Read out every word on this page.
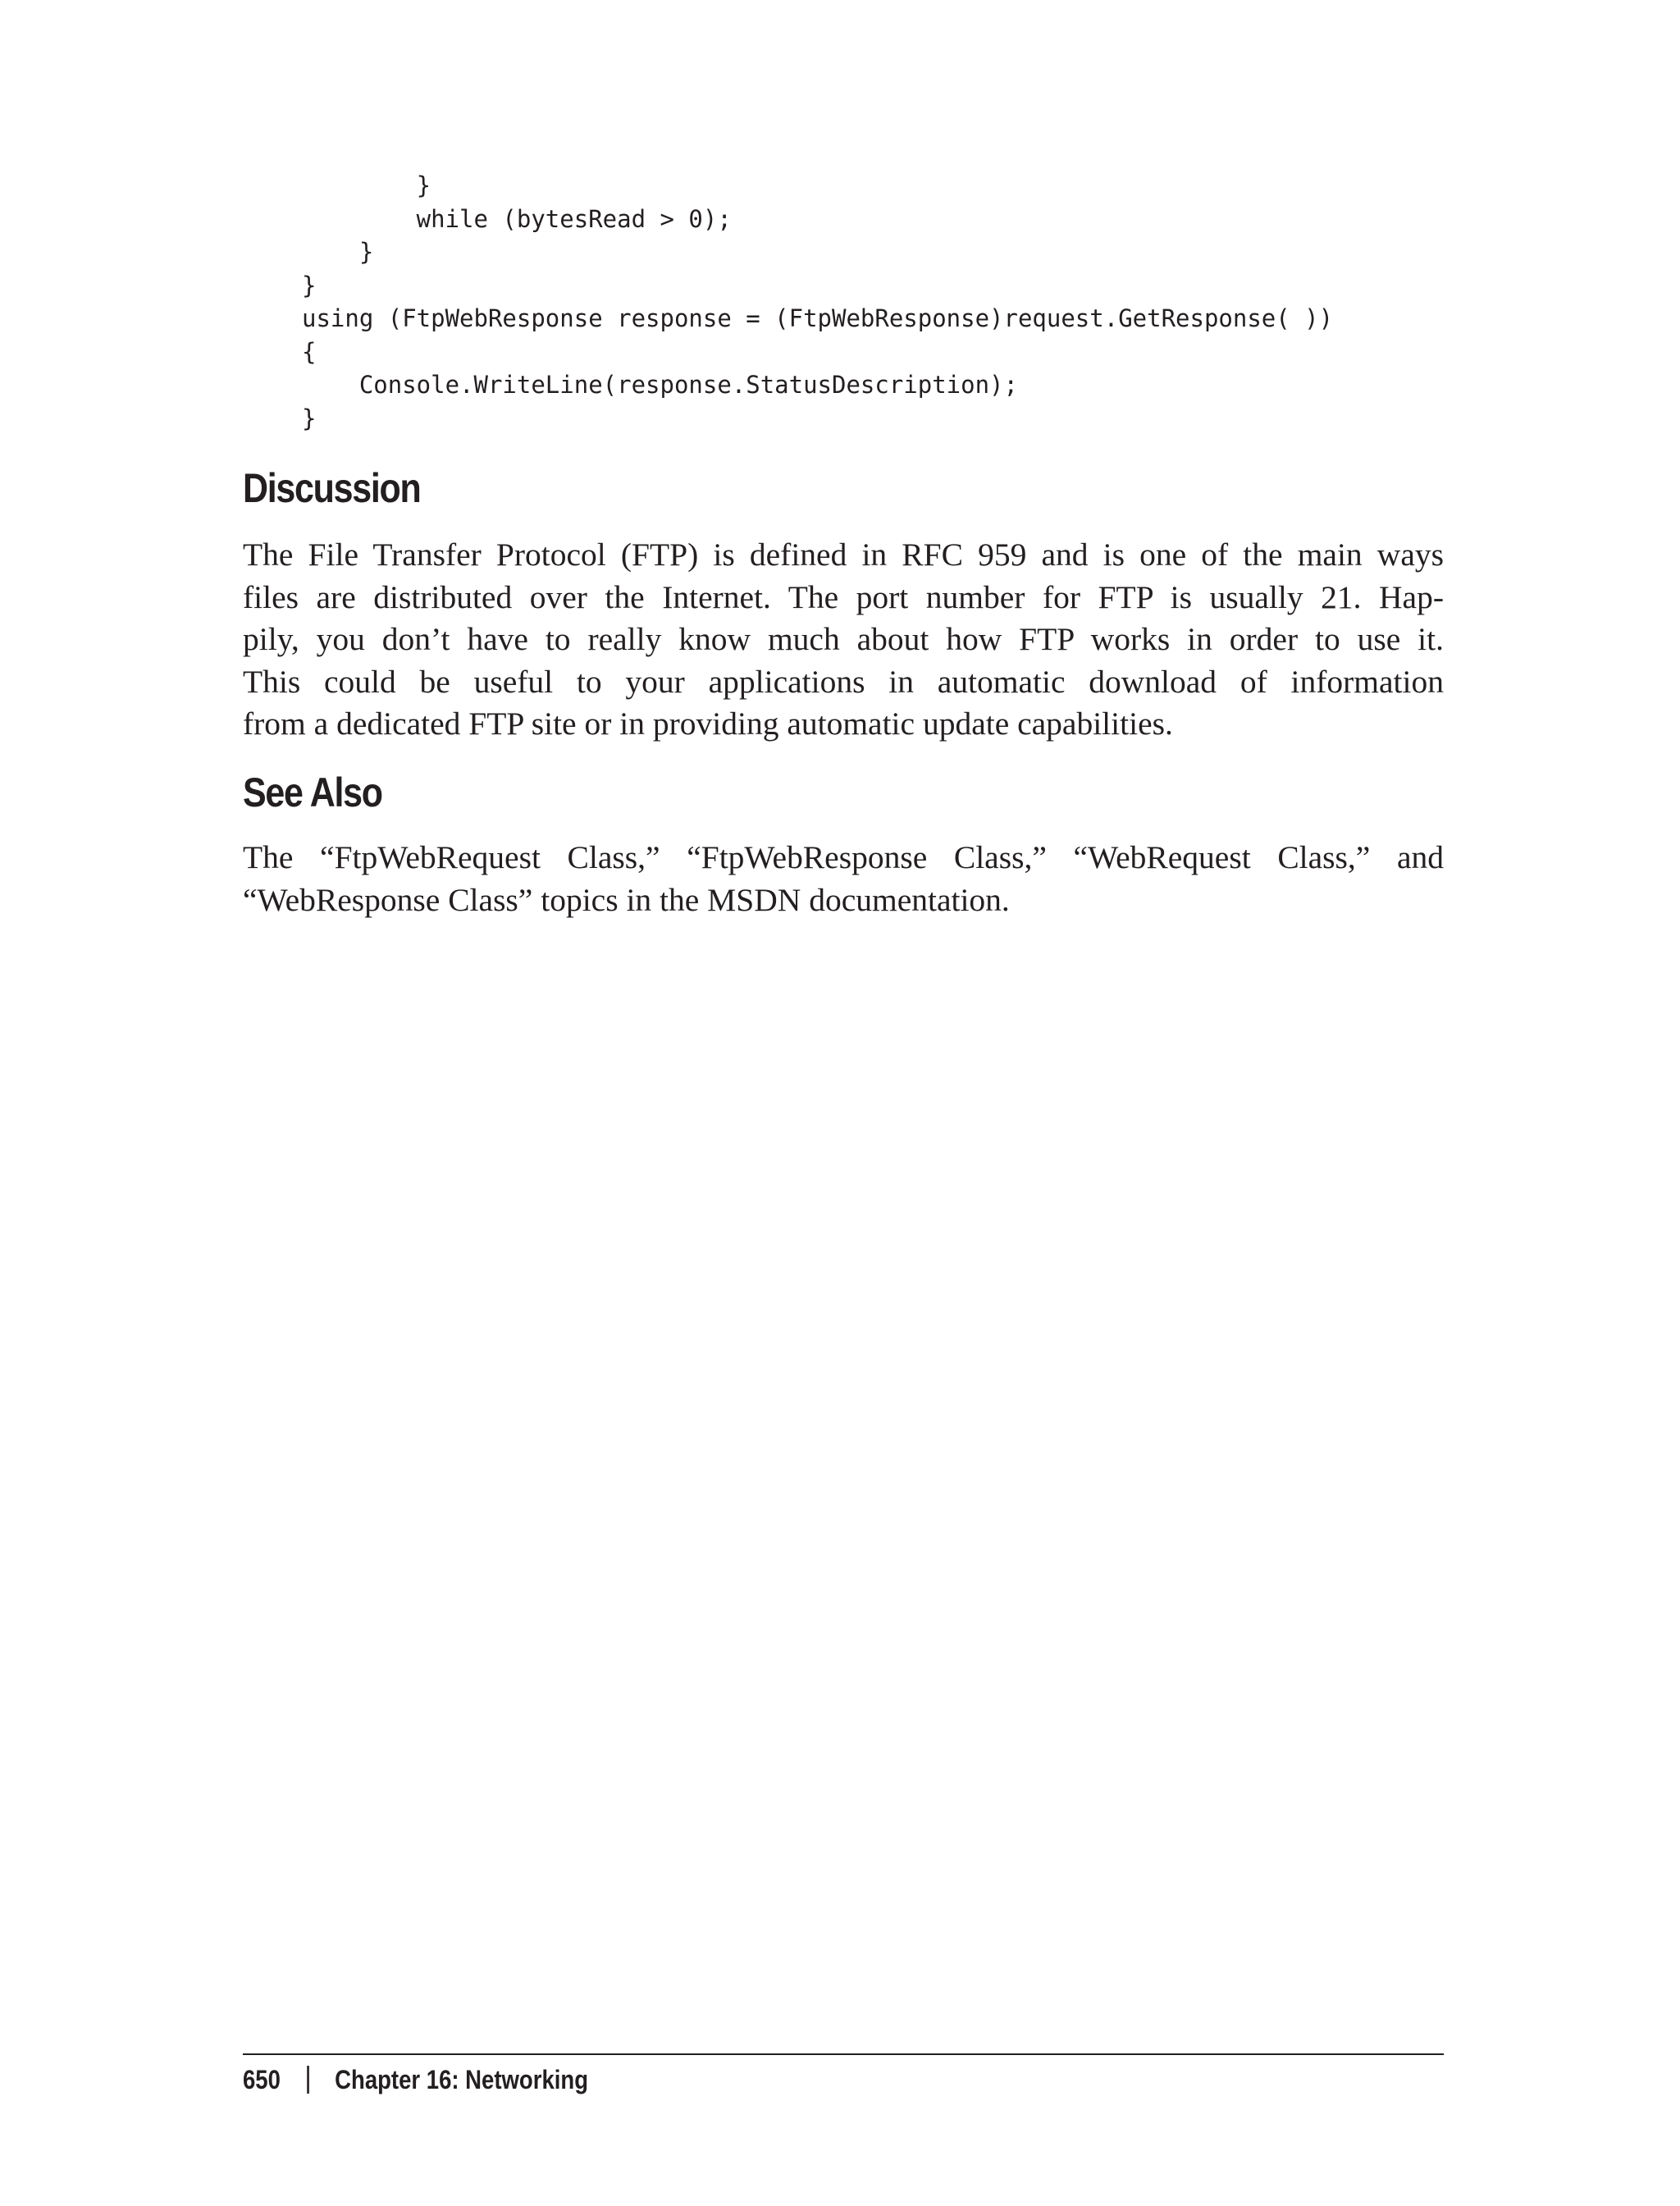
}
while (bytesRead > 0);
}
}
using (FtpWebResponse response = (FtpWebResponse)request.GetResponse( ))
{
Console.WriteLine(response.StatusDescription);
}
Discussion
The File Transfer Protocol (FTP) is defined in RFC 959 and is one of the main ways
files are distributed over the Internet. The port number for FTP is usually 21. Hap-
pily, you don’t have to really know much about how FTP works in order to use it.
This could be useful to your applications in automatic download of information
from a dedicated FTP site or in providing automatic update capabilities.
See Also
The “FtpWebRequest Class,” “FtpWebResponse Class,” “WebRequest Class,” and
“WebResponse Class” topics in the MSDN documentation.
650 Chapter 16: Networking
